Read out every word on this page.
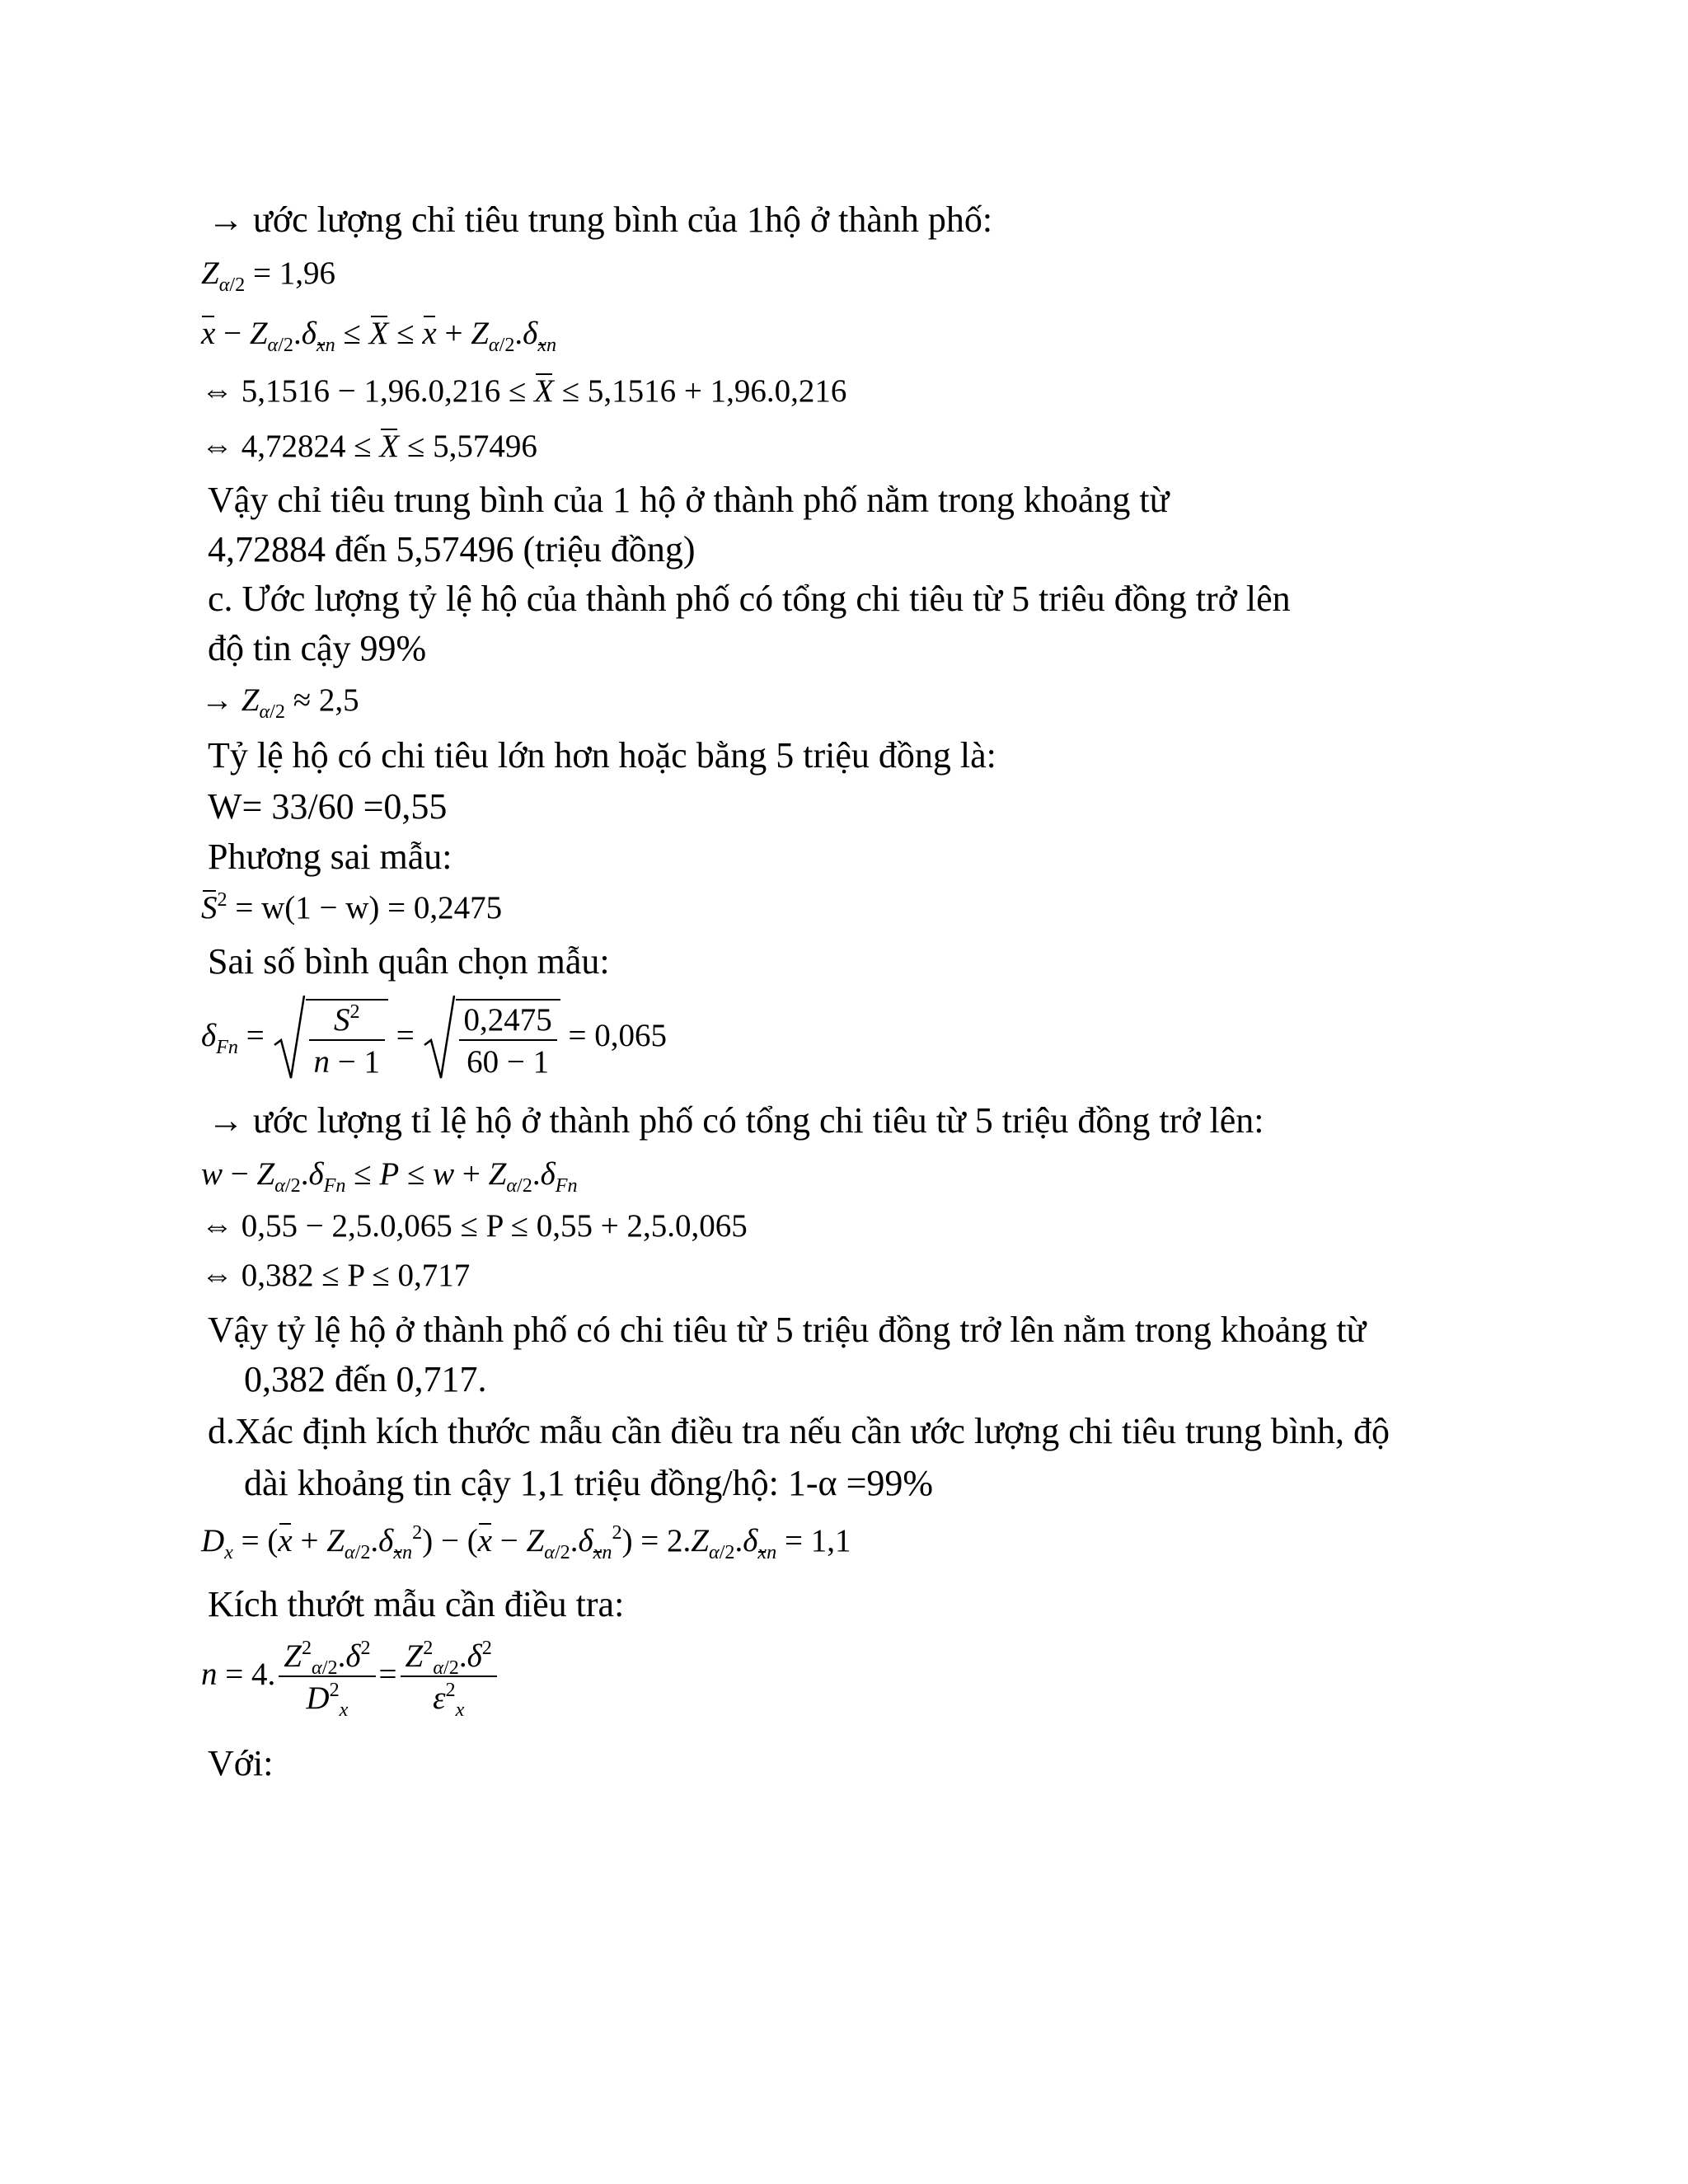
→ ước lượng chỉ tiêu trung bình của 1hộ ở thành phố:
$Z_{\alpha/2} = 1,96$
$x - Z_{\alpha/2}.\delta_{xn} \le X \le x + Z_{\alpha/2}.\delta_{xn}$
⇔ 5,1516 − 1,96.0,216 ≤ X ≤ 5,1516 + 1,96.0,216
⇔ 4,72824 ≤ X ≤ 5,57496
Vậy chỉ tiêu trung bình của 1 hộ ở thành phố nằm trong khoảng từ
4,72884 đến 5,57496 (triệu đồng)
c. Ước lượng tỷ lệ hộ của thành phố có tổng chi tiêu từ 5 triêu đồng trở lên
độ tin cậy 99%
→ $Z_{\alpha/2} \approx 2,5$
Tỷ lệ hộ có chi tiêu lớn hơn hoặc bằng 5 triệu đồng là:
W= 33/60 =0,55
Phương sai mẫu:
$S^2 = w(1 - w) = 0,2475$
Sai số bình quân chọn mẫu:
$\delta_{Fn} = \frac{S^2}{n - 1} = \frac{0,2475}{60 - 1} = 0,065$
→ ước lượng tỉ lệ hộ ở thành phố có tổng chi tiêu từ 5 triệu đồng trở lên:
$w - Z_{\alpha/2}.\delta_{Fn} \le P \le w + Z_{\alpha/2}.\delta_{Fn}$
⇔ 0,55 − 2,5.0,065 ≤ P ≤ 0,55 + 2,5.0,065
⇔ 0,382 ≤ P ≤ 0,717
Vậy tỷ lệ hộ ở thành phố có chi tiêu từ 5 triệu đồng trở lên nằm trong khoảng từ
0,382 đến 0,717.
d.Xác định kích thước mẫu cần điều tra nếu cần ước lượng chi tiêu trung bình, độ
dài khoảng tin cậy 1,1 triệu đồng/hộ: 1-α =99%
$D_x = (x + Z_{\alpha/2}.\delta_{xn}^2) - (x - Z_{\alpha/2}.\delta_{xn}^2) = 2.Z_{\alpha/2}.\delta_{xn} = 1,1$
Kích thướt mẫu cần điều tra:
n = 4. $\frac{Z^2_{\alpha/2}.\delta^2}{D^2_x} = \frac{Z^2_{\alpha/2}.\delta^2}{\varepsilon^2_x}$
Với:
